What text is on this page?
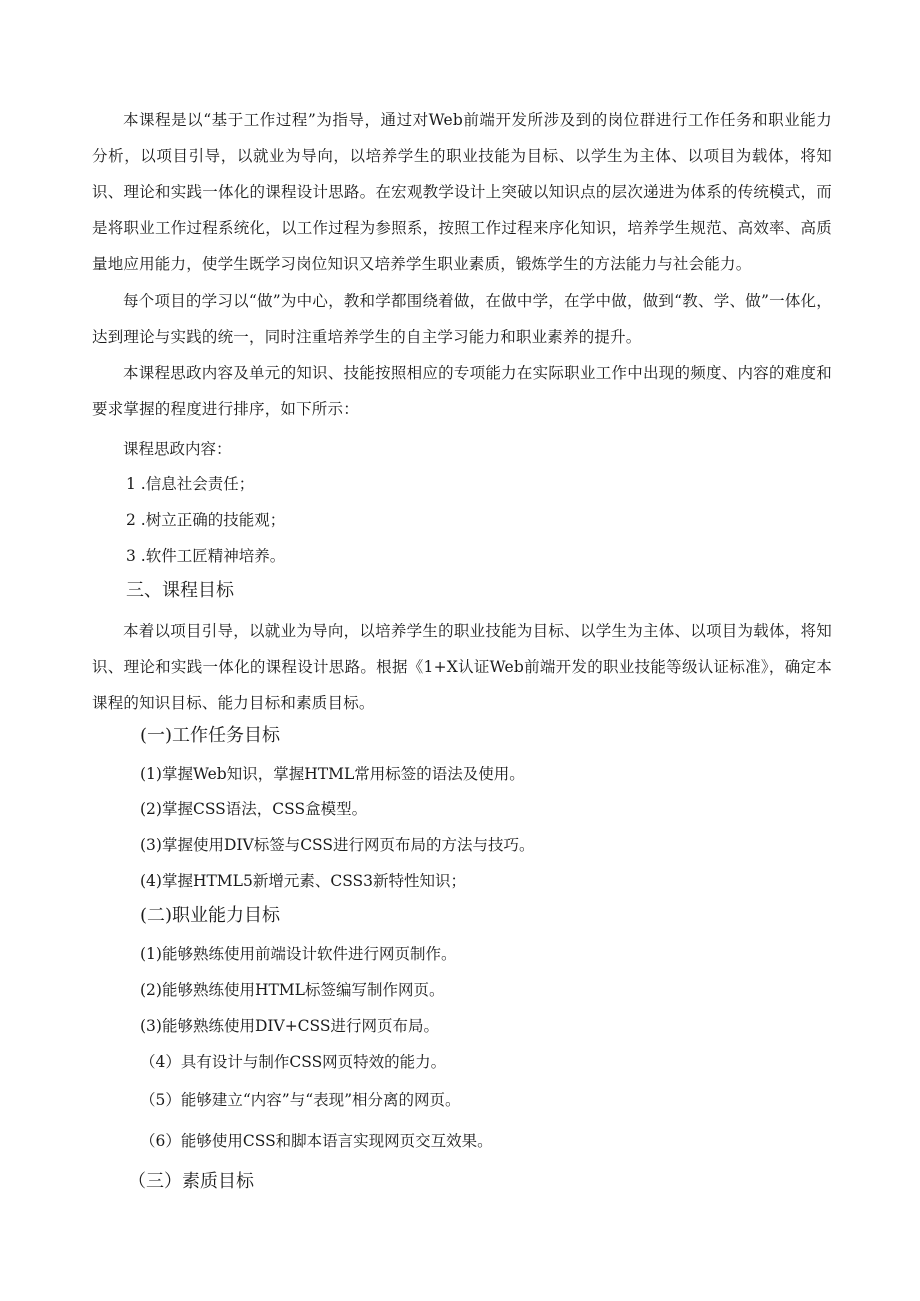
本课程是以“基于工作过程”为指导，通过对Web前端开发所涉及到的岗位群进行工作任务和职业能力分析，以项目引导，以就业为导向，以培养学生的职业技能为目标、以学生为主体、以项目为载体，将知识、理论和实践一体化的课程设计思路。在宏观教学设计上突破以知识点的层次递进为体系的传统模式，而是将职业工作过程系统化，以工作过程为参照系，按照工作过程来序化知识，培养学生规范、高效率、高质量地应用能力，使学生既学习岗位知识又培养学生职业素质，锻炼学生的方法能力与社会能力。

每个项目的学习以“做”为中心，教和学都围绕着做，在做中学，在学中做，做到“教、学、做”一体化，达到理论与实践的统一，同时注重培养学生的自主学习能力和职业素养的提升。

本课程思政内容及单元的知识、技能按照相应的专项能力在实际职业工作中出现的频度、内容的难度和要求掌握的程度进行排序，如下所示：

课程思政内容：

1 .信息社会责任；

2 .树立正确的技能观；

3 .软件工匠精神培养。

三、课程目标

本着以项目引导，以就业为导向，以培养学生的职业技能为目标、以学生为主体、以项目为载体，将知识、理论和实践一体化的课程设计思路。根据《1+X认证Web前端开发的职业技能等级认证标准》，确定本课程的知识目标、能力目标和素质目标。

(一)工作任务目标

(1)掌握Web知识，掌握HTML常用标签的语法及使用。

(2)掌握CSS语法，CSS盒模型。

(3)掌握使用DIV标签与CSS进行网页布局的方法与技巧。

(4)掌握HTML5新增元素、CSS3新特性知识；

(二)职业能力目标

(1)能够熟练使用前端设计软件进行网页制作。

(2)能够熟练使用HTML标签编写制作网页。

(3)能够熟练使用DIV+CSS进行网页布局。

（4）具有设计与制作CSS网页特效的能力。

（5）能够建立“内容”与“表现”相分离的网页。

（6）能够使用CSS和脚本语言实现网页交互效果。

（三）素质目标
